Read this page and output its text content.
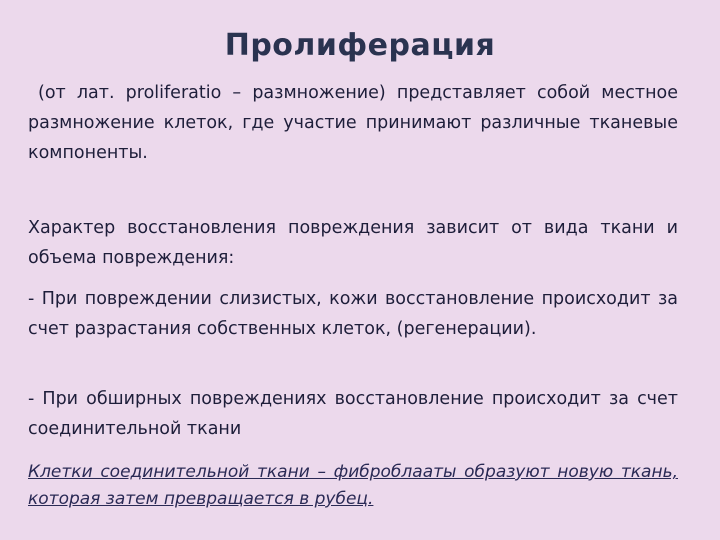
Пролиферация

(от лат. proliferatio – размножение) представляет собой местное размножение клеток, где участие принимают различные тканевые компоненты.

Характер восстановления повреждения зависит от вида ткани и объема повреждения:

- При повреждении слизистых, кожи восстановление происходит за счет разрастания собственных клеток, (регенерации).

- При обширных повреждениях восстановление происходит за счет соединительной ткани

Клетки соединительной ткани – фиброблааты образуют новую ткань, которая затем превращается в рубец.
